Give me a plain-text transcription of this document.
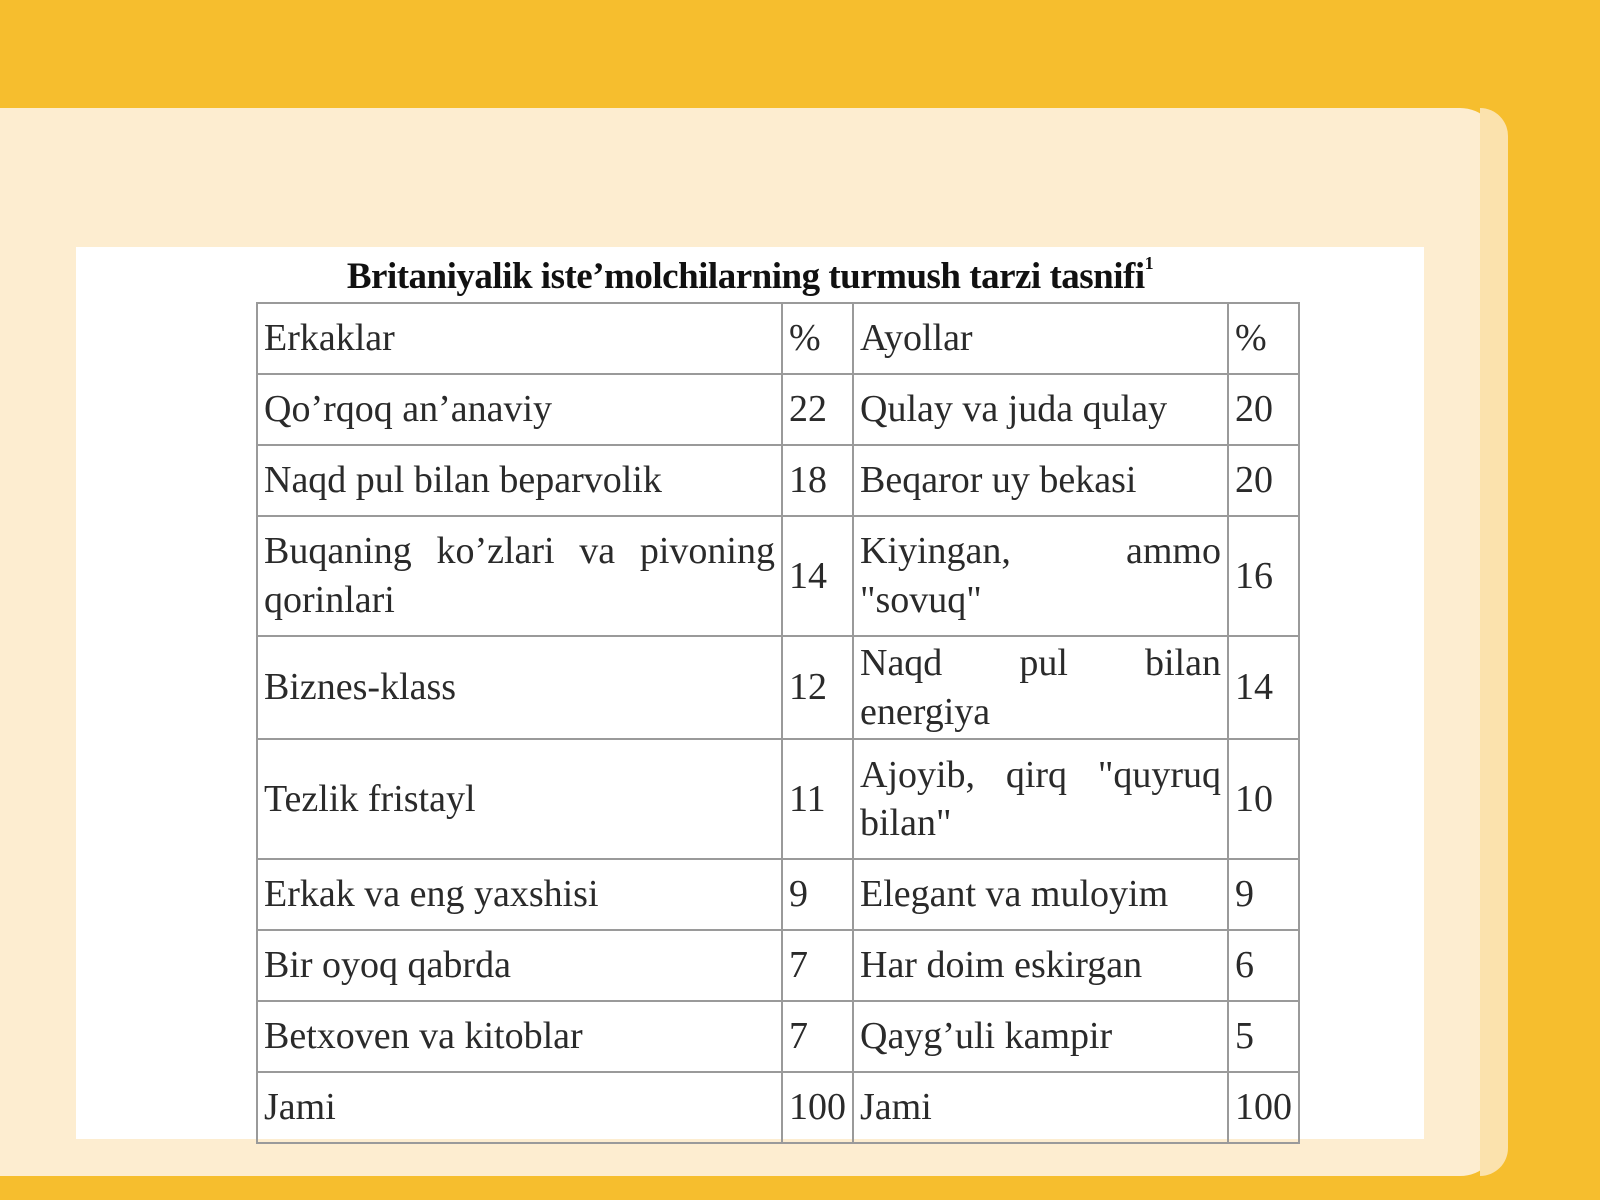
Britaniyalik iste’molchilarning turmush tarzi tasnifi$^1$
Erkaklar	%	Ayollar	%
Qo’rqoq an’anaviy	22	Qulay va juda qulay	20
Naqd pul bilan beparvolik	18	Beqaror uy bekasi	20
Buqaning ko’zlari va pivoning qorinlari	14	Kiyingan, ammo "sovuq"	16
Biznes-klass	12	Naqd pul bilan energiya	14
Tezlik fristayl	11	Ajoyib, qirq "quyruq bilan"	10
Erkak va eng yaxshisi	9	Elegant va muloyim	9
Bir oyoq qabrda	7	Har doim eskirgan	6
Betxoven va kitoblar	7	Qayg’uli kampir	5
Jami	100	Jami	100
